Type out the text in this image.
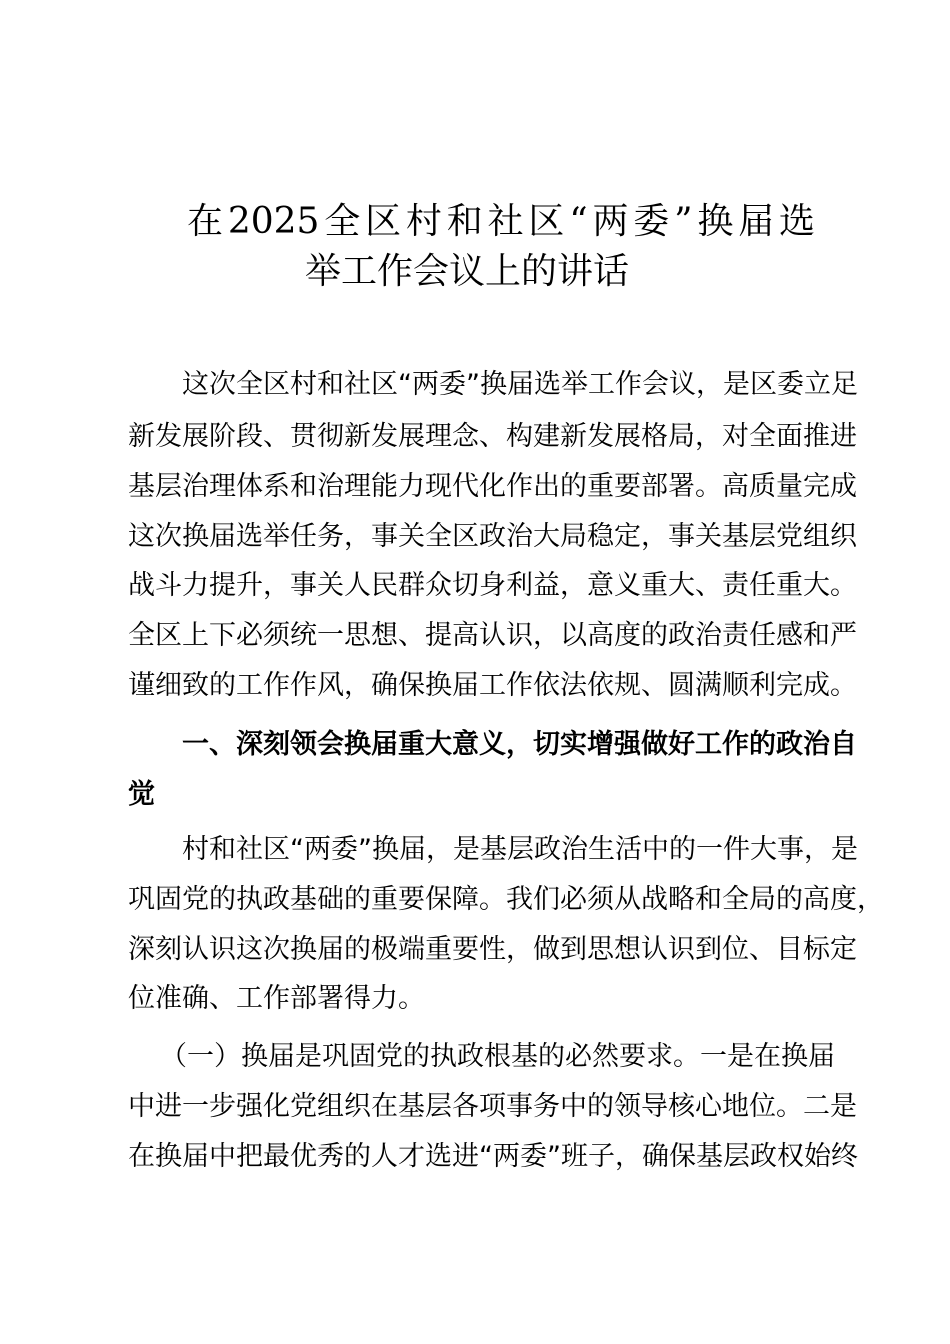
在2025全区村和社区“两委”换届选
举工作会议上的讲话
这次全区村和社区“两委”换届选举工作会议，是区委立足
新发展阶段、贯彻新发展理念、构建新发展格局，对全面推进
基层治理体系和治理能力现代化作出的重要部署。高质量完成
这次换届选举任务，事关全区政治大局稳定，事关基层党组织
战斗力提升，事关人民群众切身利益，意义重大、责任重大。
全区上下必须统一思想、提高认识，以高度的政治责任感和严
谨细致的工作作风，确保换届工作依法依规、圆满顺利完成。
一、深刻领会换届重大意义，切实增强做好工作的政治自
觉
村和社区“两委”换届，是基层政治生活中的一件大事，是
巩固党的执政基础的重要保障。我们必须从战略和全局的高度，
深刻认识这次换届的极端重要性，做到思想认识到位、目标定
位准确、工作部署得力。
（一）换届是巩固党的执政根基的必然要求。一是在换届
中进一步强化党组织在基层各项事务中的领导核心地位。二是
在换届中把最优秀的人才选进“两委”班子，确保基层政权始终
